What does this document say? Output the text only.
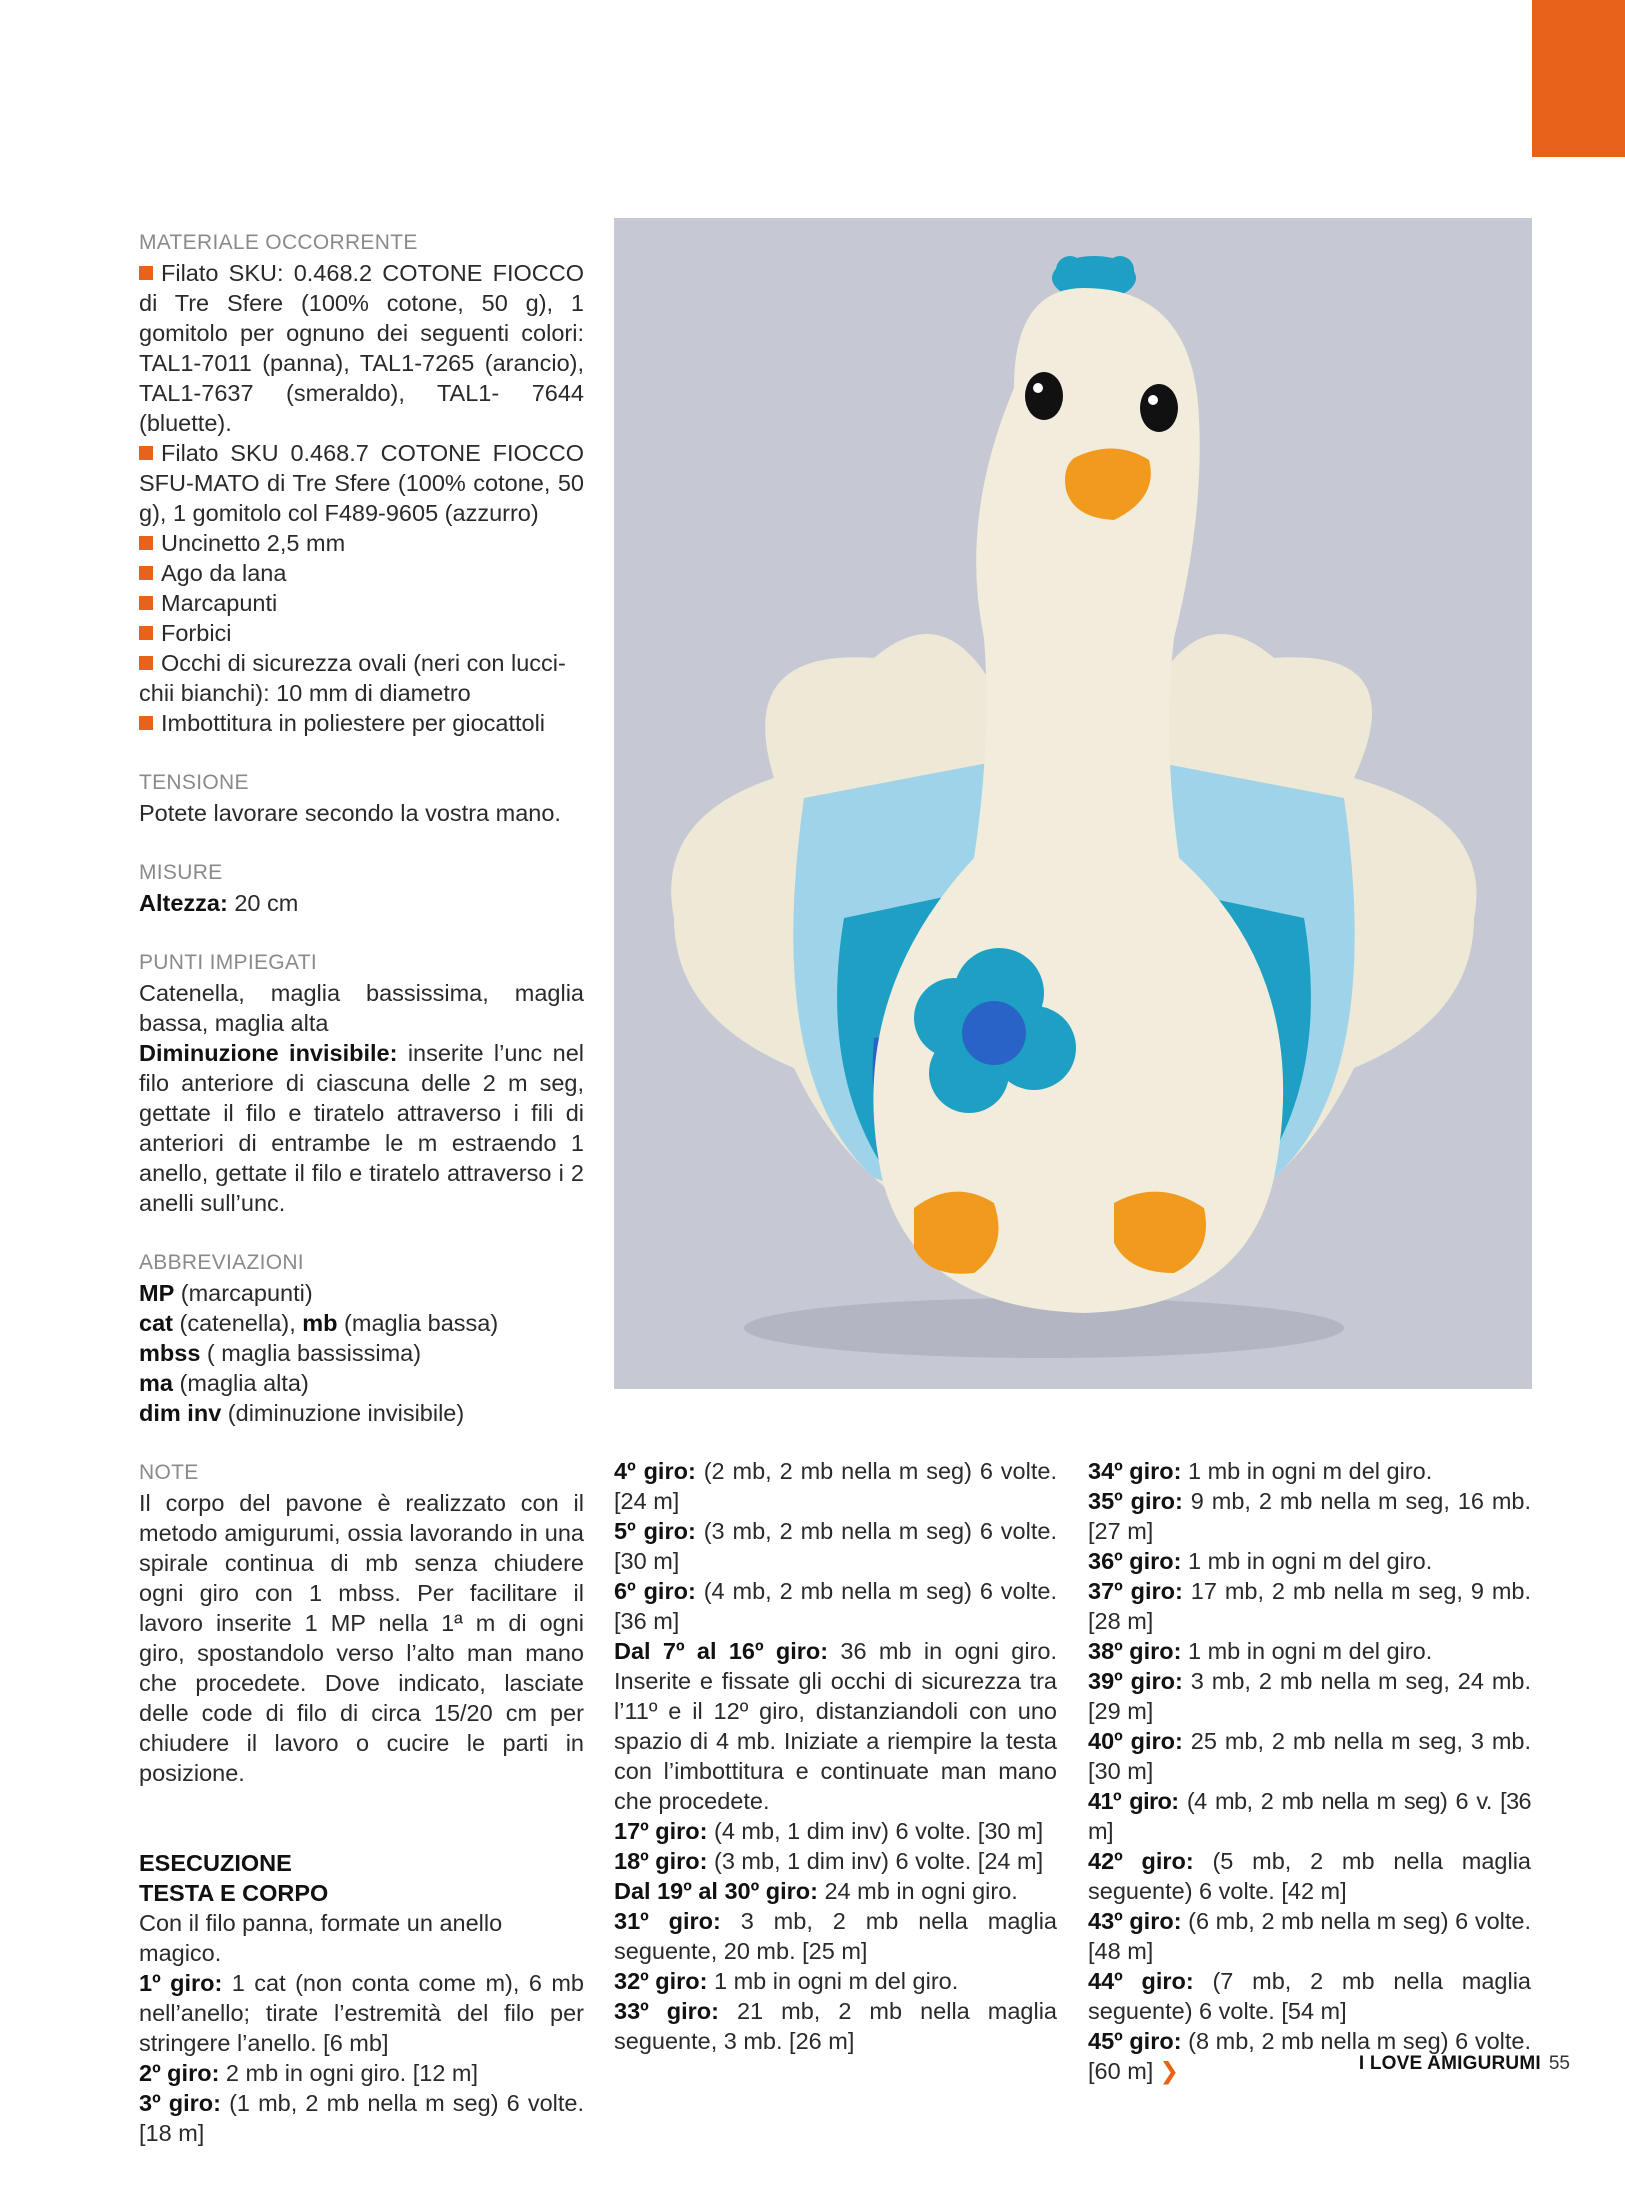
MATERIALE OCCORRENTE

Filato SKU: 0.468.2 COTONE FIOCCO di Tre Sfere (100% cotone, 50 g), 1 gomitolo per ognuno dei seguenti colori: TAL1-7011 (panna), TAL1-7265 (arancio), TAL1-7637 (smeraldo), TAL1- 7644 (bluette).

Filato SKU 0.468.7 COTONE FIOCCO SFU-MATO di Tre Sfere (100% cotone, 50 g), 1 gomitolo col F489-9605 (azzurro)

Uncinetto 2,5 mm

Ago da lana

Marcapunti

Forbici

Occhi di sicurezza ovali (neri con lucci-chii bianchi): 10 mm di diametro

Imbottitura in poliestere per giocattoli

TENSIONE

Potete lavorare secondo la vostra mano.

MISURE

Altezza: 20 cm

PUNTI IMPIEGATI

Catenella, maglia bassissima, maglia bassa, maglia alta

Diminuzione invisibile: inserite l’unc nel filo anteriore di ciascuna delle 2 m seg, gettate il filo e tiratelo attraverso i fili di anteriori di entrambe le m estraendo 1 anello, gettate il filo e tiratelo attraverso i 2 anelli sull’unc.

ABBREVIAZIONI

MP (marcapunti)

cat (catenella), mb (maglia bassa)

mbss ( maglia bassissima)

ma (maglia alta)

dim inv (diminuzione invisibile)

NOTE

Il corpo del pavone è realizzato con il metodo amigurumi, ossia lavorando in una spirale continua di mb senza chiudere ogni giro con 1 mbss. Per facilitare il lavoro inserite 1 MP nella 1ª m di ogni giro, spostandolo verso l’alto man mano che procedete. Dove indicato, lasciate delle code di filo di circa 15/20 cm per chiudere il lavoro o cucire le parti in posizione.

ESECUZIONE

TESTA E CORPO

Con il filo panna, formate un anello magico.

1º giro: 1 cat (non conta come m), 6 mb nell’anello; tirate l’estremità del filo per stringere l’anello. [6 mb]

2º giro: 2 mb in ogni giro. [12 m]

3º giro: (1 mb, 2 mb nella m seg) 6 volte. [18 m]

4º giro: (2 mb, 2 mb nella m seg) 6 volte. [24 m]

5º giro: (3 mb, 2 mb nella m seg) 6 volte. [30 m]

6º giro: (4 mb, 2 mb nella m seg) 6 volte. [36 m]

Dal 7º al 16º giro: 36 mb in ogni giro. Inserite e fissate gli occhi di sicurezza tra l’11º e il 12º giro, distanziandoli con uno spazio di 4 mb. Iniziate a riempire la testa con l’imbottitura e continuate man mano che procedete.

17º giro: (4 mb, 1 dim inv) 6 volte. [30 m]

18º giro: (3 mb, 1 dim inv) 6 volte. [24 m]

Dal 19º al 30º giro: 24 mb in ogni giro.

31º giro: 3 mb, 2 mb nella maglia seguente, 20 mb. [25 m]

32º giro: 1 mb in ogni m del giro.

33º giro: 21 mb, 2 mb nella maglia seguente, 3 mb. [26 m]

34º giro: 1 mb in ogni m del giro.

35º giro: 9 mb, 2 mb nella m seg, 16 mb. [27 m]

36º giro: 1 mb in ogni m del giro.

37º giro: 17 mb, 2 mb nella m seg, 9 mb. [28 m]

38º giro: 1 mb in ogni m del giro.

39º giro: 3 mb, 2 mb nella m seg, 24 mb. [29 m]

40º giro: 25 mb, 2 mb nella m seg, 3 mb. [30 m]

41º giro: (4 mb, 2 mb nella m seg) 6 v. [36 m]

42º giro: (5 mb, 2 mb nella maglia seguente) 6 volte. [42 m]

43º giro: (6 mb, 2 mb nella m seg) 6 volte. [48 m]

44º giro: (7 mb, 2 mb nella maglia seguente) 6 volte. [54 m]

45º giro: (8 mb, 2 mb nella m seg) 6 volte. [60 m] ❯	I LOVE AMIGURUMI 55
